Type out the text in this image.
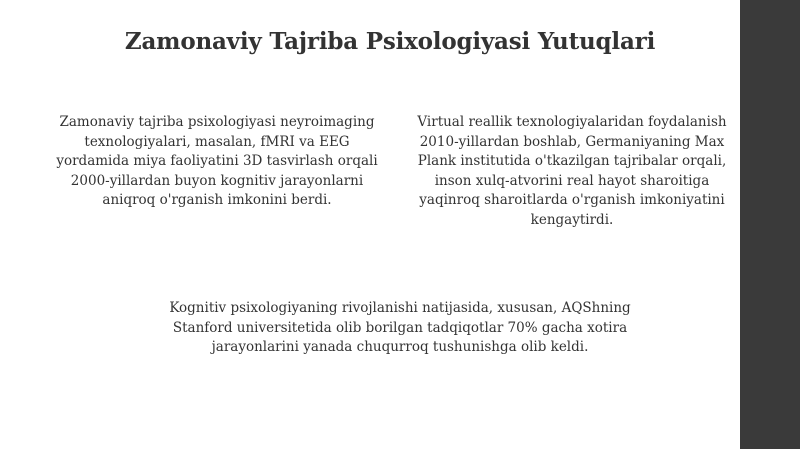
Zamonaviy Tajriba Psixologiyasi Yutuqlari
Zamonaviy tajriba psixologiyasi neyroimaging texnologiyalari, masalan, fMRI va EEG yordamida miya faoliyatini 3D tasvirlash orqali 2000-yillardan buyon kognitiv jarayonlarni aniqroq o'rganish imkonini berdi.
Virtual reallik texnologiyalaridan foydalanish 2010-yillardan boshlab, Germaniyaning Max Plank institutida o'tkazilgan tajribalar orqali, inson xulq-atvorini real hayot sharoitiga yaqinroq sharoitlarda o'rganish imkoniyatini kengaytirdi.
Kognitiv psixologiyaning rivojlanishi natijasida, xususan, AQShning Stanford universitetida olib borilgan tadqiqotlar 70% gacha xotira jarayonlarini yanada chuqurroq tushunishga olib keldi.
